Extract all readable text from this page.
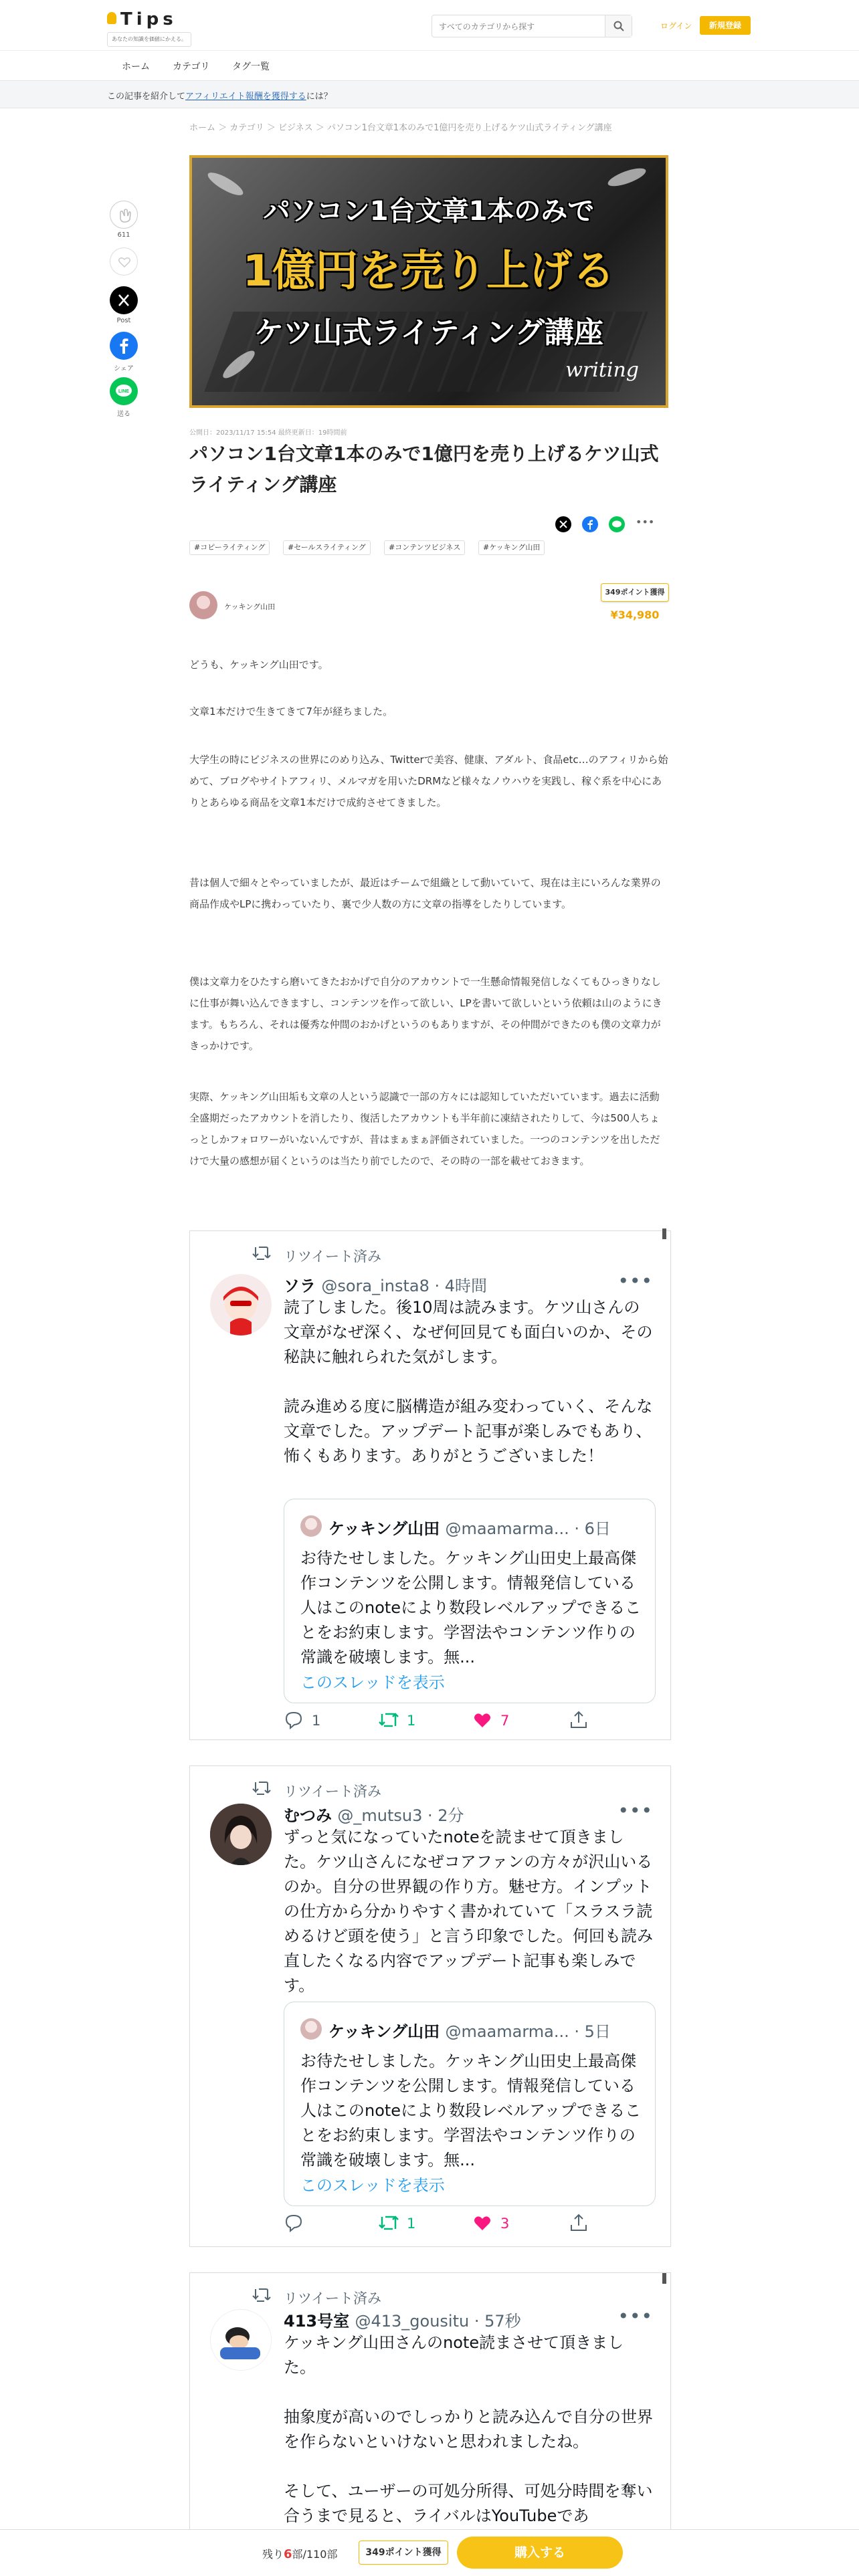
Tips
あなたの知識を価値にかえる。
すべてのカテゴリから探す
ログイン	新規登録
ホーム カテゴリ タグ一覧
この記事を紹介してアフィリエイト報酬を獲得するには？
ホーム ＞ カテゴリ ＞ ビジネス ＞ パソコン1台文章1本のみで1億円を売り上げるケツ山式ライティング講座
611
Post
シェア
LINE
送る
パソコン1台文章1本のみで
1億円を売り上げる
ケツ山式ライティング講座
writing
公開日：2023/11/17 15:54 最終更新日：19時間前
パソコン1台文章1本のみで1億円を売り上げるケツ山式ライティング講座
•••
#コピーライティング	#セールスライティング	#コンテンツビジネス	#ケッキング山田
ケッキング山田
349ポイント獲得
¥34,980

どうも、ケッキング山田です。

文章1本だけで生きてきて7年が経ちました。

大学生の時にビジネスの世界にのめり込み、Twitterで美容、健康、アダルト、食品etc…のアフィリから始めて、ブログやサイトアフィリ、メルマガを用いたDRMなど様々なノウハウを実践し、稼ぐ系を中心にありとあらゆる商品を文章1本だけで成約させてきました。

昔は個人で細々とやっていましたが、最近はチームで組織として動いていて、現在は主にいろんな業界の商品作成やLPに携わっていたり、裏で少人数の方に文章の指導をしたりしています。

僕は文章力をひたすら磨いてきたおかげで自分のアカウントで一生懸命情報発信しなくてもひっきりなしに仕事が舞い込んできますし、コンテンツを作って欲しい、LPを書いて欲しいという依頼は山のようにきます。もちろん、それは優秀な仲間のおかげというのもありますが、その仲間ができたのも僕の文章力がきっかけです。

実際、ケッキング山田垢も文章の人という認識で一部の方々には認知していただいています。過去に活動全盛期だったアカウントを消したり、復活したアカウントも半年前に凍結されたりして、今は500人ちょっとしかフォロワーがいないんですが、昔はまぁまぁ評価されていました。一つのコンテンツを出しただけで大量の感想が届くというのは当たり前でしたので、その時の一部を載せておきます。

リツイート済み
ソラ @sora_insta8 · 4時間	•••
読了しました。後10周は読みます。ケツ山さんの文章がなぜ深く、なぜ何回見ても面白いのか、その秘訣に触れられた気がします。

読み進める度に脳構造が組み変わっていく、そんな文章でした。アップデート記事が楽しみでもあり、怖くもあります。ありがとうございました！
ケッキング山田 @maamarma... · 6日
お待たせしました。ケッキング山田史上最高傑作コンテンツを公開します。情報発信している人はこのnoteにより数段レベルアップできることをお約束します。学習法やコンテンツ作りの常識を破壊します。無...
このスレッドを表示
1	1	7
リツイート済み
むつみ @_mutsu3 · 2分	•••
ずっと気になっていたnoteを読ませて頂きました。ケツ山さんになぜコアファンの方々が沢山いるのか。自分の世界観の作り方。魅せ方。インプットの仕方から分かりやすく書かれていて「スラスラ読めるけど頭を使う」と言う印象でした。何回も読み直したくなる内容でアップデート記事も楽しみです。
ケッキング山田 @maamarma... · 5日
お待たせしました。ケッキング山田史上最高傑作コンテンツを公開します。情報発信している人はこのnoteにより数段レベルアップできることをお約束します。学習法やコンテンツ作りの常識を破壊します。無...
このスレッドを表示
1	3
リツイート済み
413号室 @413_gousitu · 57秒	•••
ケッキング山田さんのnote読まさせて頂きました。

抽象度が高いのでしっかりと読み込んで自分の世界を作らないといけないと思われましたね。

そして、ユーザーの可処分所得、可処分時間を奪い合うまで見ると、ライバルはYouTubeであ
残り6部/110部	349ポイント獲得	購入する
